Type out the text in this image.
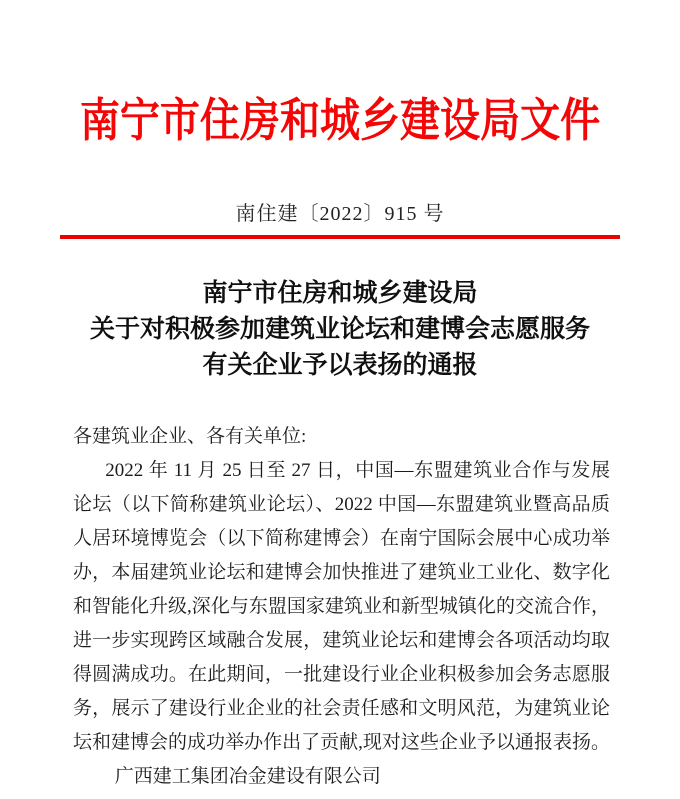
南宁市住房和城乡建设局文件
南住建〔2022〕915 号
南宁市住房和城乡建设局
关于对积极参加建筑业论坛和建博会志愿服务
有关企业予以表扬的通报
各建筑业企业、各有关单位:
2022 年 11 月 25 日至 27 日，中国—东盟建筑业合作与发展
论坛（以下简称建筑业论坛）、2022 中国—东盟建筑业暨高品质
人居环境博览会（以下简称建博会）在南宁国际会展中心成功举
办，本届建筑业论坛和建博会加快推进了建筑业工业化、数字化
和智能化升级,深化与东盟国家建筑业和新型城镇化的交流合作，
进一步实现跨区域融合发展，建筑业论坛和建博会各项活动均取
得圆满成功。在此期间，一批建设行业企业积极参加会务志愿服
务，展示了建设行业企业的社会责任感和文明风范，为建筑业论
坛和建博会的成功举办作出了贡献,现对这些企业予以通报表扬。
广西建工集团冶金建设有限公司
